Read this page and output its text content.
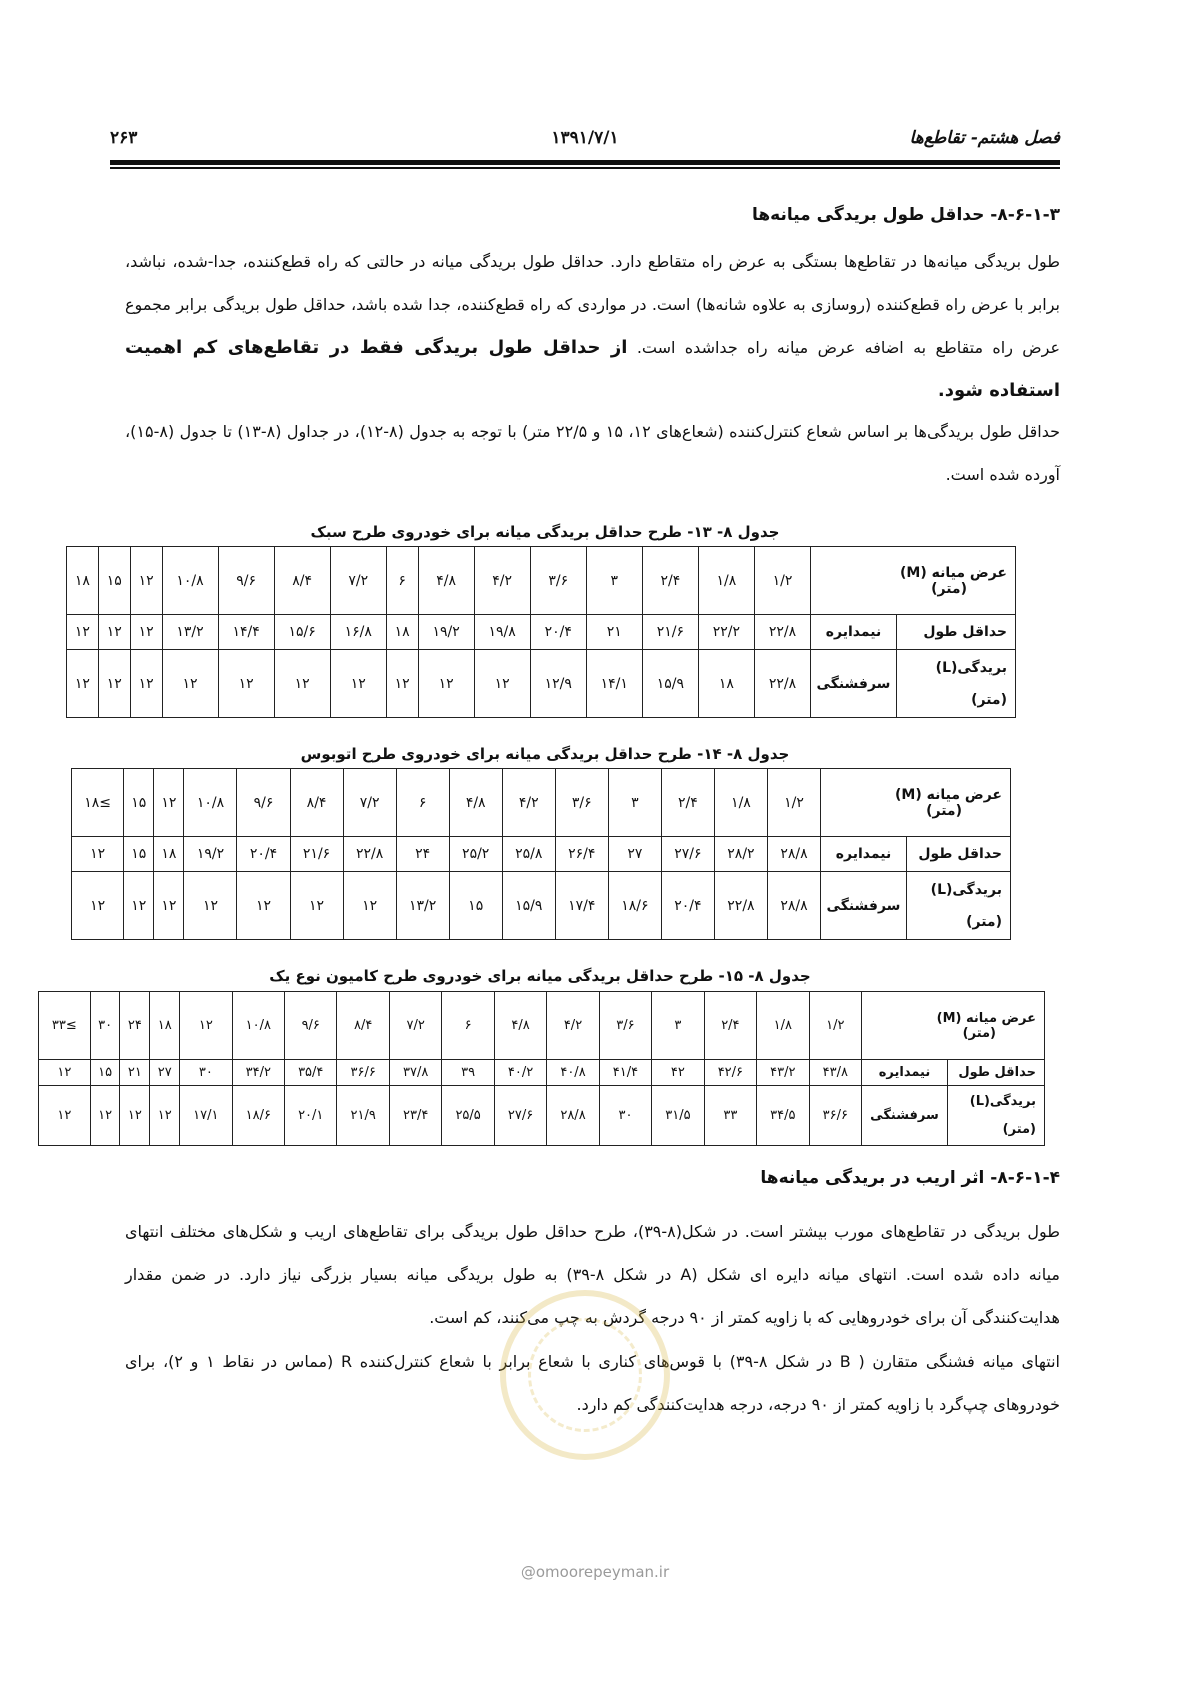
فصل هشتم- تقاطع‌ها
۱۳۹۱/۷/۱
۲۶۳
۸-۶-۱-۳- حداقل طول بریدگی میانه‌ها
طول بریدگی میانه‌ها در تقاطع‌ها بستگی به عرض راه متقاطع دارد. حداقل طول بریدگی میانه در حالتی که راه قطع‌کننده، جدا-شده، نباشد، برابر با عرض راه قطع‌کننده (روسازی به علاوه شانه‌ها) است. در مواردی که راه قطع‌کننده، جدا شده باشد، حداقل طول بریدگی برابر مجموع عرض راه متقاطع به اضافه عرض میانه راه جداشده است. از حداقل طول بریدگی فقط در تقاطع‌های کم اهمیت استفاده شود.
حداقل طول بریدگی‌ها بر اساس شعاع کنترل‌کننده (شعاع‌های ۱۲، ۱۵ و ۲۲/۵ متر) با توجه به جدول (۸-۱۲)، در جداول (۸-۱۳) تا جدول (۸-۱۵)، آورده شده است.
جدول ۸- ۱۳- طرح حداقل بریدگی میانه برای خودروی طرح سبک
عرض میانه (M)
(متر)		۱/۲	۱/۸	۲/۴	۳	۳/۶	۴/۲	۴/۸	۶	۷/۲	۸/۴	۹/۶	۱۰/۸	۱۲	۱۵	۱۸
حداقل طول	نیمدایره	۲۲/۸	۲۲/۲	۲۱/۶	۲۱	۲۰/۴	۱۹/۸	۱۹/۲	۱۸	۱۶/۸	۱۵/۶	۱۴/۴	۱۳/۲	۱۲	۱۲	۱۲

بریدگی(L)
(متر)	سرفشنگی	۲۲/۸	۱۸	۱۵/۹	۱۴/۱	۱۲/۹	۱۲	۱۲	۱۲	۱۲	۱۲	۱۲	۱۲	۱۲	۱۲	۱۲
جدول ۸- ۱۴- طرح حداقل بریدگی میانه برای خودروی طرح اتوبوس
عرض میانه (M)
(متر)		۱/۲	۱/۸	۲/۴	۳	۳/۶	۴/۲	۴/۸	۶	۷/۲	۸/۴	۹/۶	۱۰/۸	۱۲	۱۵	≥۱۸
حداقل طول	نیمدایره	۲۸/۸	۲۸/۲	۲۷/۶	۲۷	۲۶/۴	۲۵/۸	۲۵/۲	۲۴	۲۲/۸	۲۱/۶	۲۰/۴	۱۹/۲	۱۸	۱۵	۱۲

بریدگی(L)
(متر)	سرفشنگی	۲۸/۸	۲۲/۸	۲۰/۴	۱۸/۶	۱۷/۴	۱۵/۹	۱۵	۱۳/۲	۱۲	۱۲	۱۲	۱۲	۱۲	۱۲	۱۲
جدول ۸- ۱۵- طرح حداقل بریدگی میانه برای خودروی طرح کامیون نوع یک
عرض میانه (M)
(متر)		۱/۲	۱/۸	۲/۴	۳	۳/۶	۴/۲	۴/۸	۶	۷/۲	۸/۴	۹/۶	۱۰/۸	۱۲	۱۸	۲۴	۳۰	≥۳۳
حداقل طول	نیمدایره	۴۳/۸	۴۳/۲	۴۲/۶	۴۲	۴۱/۴	۴۰/۸	۴۰/۲	۳۹	۳۷/۸	۳۶/۶	۳۵/۴	۳۴/۲	۳۰	۲۷	۲۱	۱۵	۱۲

بریدگی(L)
(متر)	سرفشنگی	۳۶/۶	۳۴/۵	۳۳	۳۱/۵	۳۰	۲۸/۸	۲۷/۶	۲۵/۵	۲۳/۴	۲۱/۹	۲۰/۱	۱۸/۶	۱۷/۱	۱۲	۱۲	۱۲	۱۲
۸-۶-۱-۴- اثر اریب در بریدگی میانه‌ها
طول بریدگی در تقاطع‌های مورب بیشتر است. در شکل(۸-۳۹)، طرح حداقل طول بریدگی برای تقاطع‌های اریب و شکل‌های مختلف انتهای میانه داده شده است. انتهای میانه دایره ای شکل (A در شکل ۸-۳۹) به طول بریدگی میانه بسیار بزرگی نیاز دارد. در ضمن مقدار هدایت‌کنندگی آن برای خودروهایی که با زاویه کمتر از ۹۰ درجه گردش به چپ می‌کنند، کم است.
انتهای میانه فشنگی متقارن ( B در شکل ۸-۳۹) با قوس‌های کناری با شعاع برابر با شعاع کنترل‌کننده R (مماس در نقاط ۱ و ۲)، برای خودروهای چپ‌گرد با زاویه کمتر از ۹۰ درجه، درجه هدایت‌کنندگی کم دارد.
@omoorepeyman.ir
